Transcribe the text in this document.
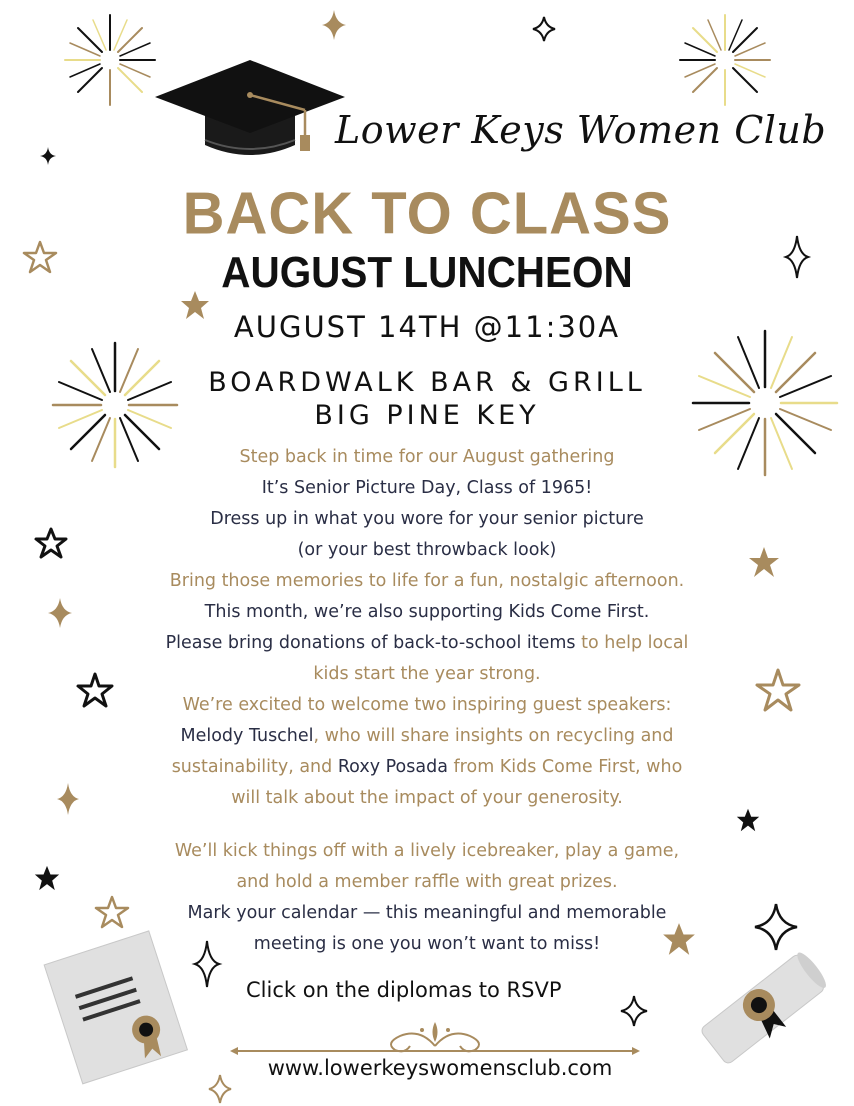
Lower Keys Women Club
BACK TO CLASS
AUGUST LUNCHEON
AUGUST 14TH @11:30A
BOARDWALK BAR & GRILL
BIG PINE KEY
Step back in time for our August gathering
It’s Senior Picture Day, Class of 1965!
Dress up in what you wore for your senior picture
(or your best throwback look)
Bring those memories to life for a fun, nostalgic afternoon.
This month, we’re also supporting Kids Come First.
Please bring donations of back-to-school items to help local
kids start the year strong.
We’re excited to welcome two inspiring guest speakers:
Melody Tuschel, who will share insights on recycling and
sustainability, and Roxy Posada from Kids Come First, who
will talk about the impact of your generosity.
We’ll kick things off with a lively icebreaker, play a game,
and hold a member raffle with great prizes.
Mark your calendar — this meaningful and memorable
meeting is one you won’t want to miss!
Click on the diplomas to RSVP
www.lowerkeyswomensclub.com
